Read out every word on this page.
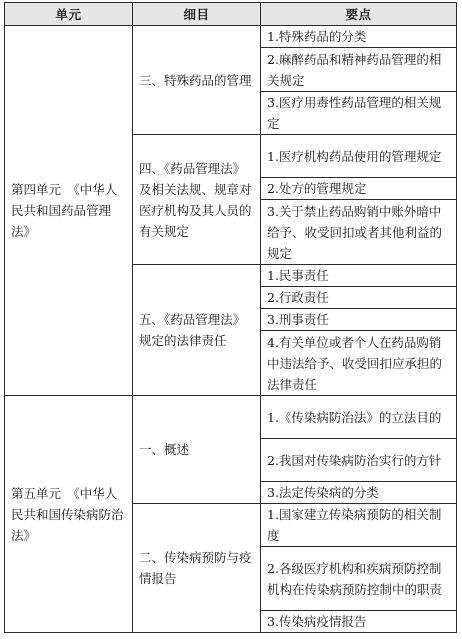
单元	细目	要点
第四单元　《中华人民共和国药品管理法》	三、特殊药品的管理	1.特殊药品的分类
		2.麻醉药品和精神药品管理的相关规定

		3.医疗用毒性药品管理的相关规定
	四、《药品管理法》及相关法规、规章对医疗机构及其人员的有关规定	1.医疗机构药品使用的管理规定
		2.处方的管理规定
		3.关于禁止药品购销中账外暗中给予、收受回扣或者其他利益的规定

	五、《药品管理法》规定的法律责任	1.民事责任
		2.行政责任
		3.刑事责任
		4.有关单位或者个人在药品购销中违法给予、收受回扣应承担的法律责任

第五单元　《中华人民共和国传染病防治法》	一、概述	1.《传染病防治法》的立法目的
		2.我国对传染病防治实行的方针
		3.法定传染病的分类
	二、传染病预防与疫情报告	1.国家建立传染病预防的相关制度
		2.各级医疗机构和疾病预防控制机构在传染病预防控制中的职责
		3.传染病疫情报告
